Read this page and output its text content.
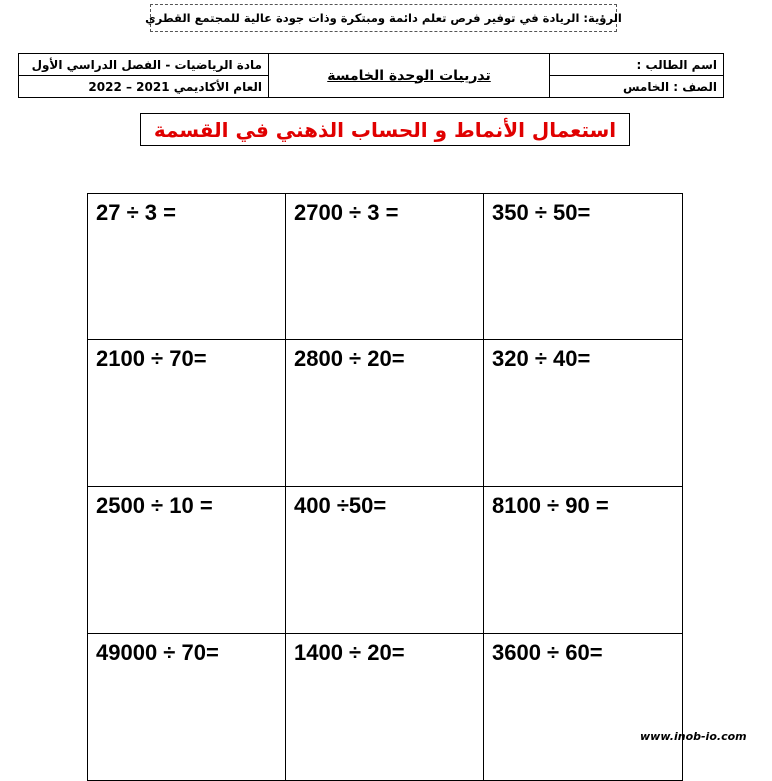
الرؤية: الريادة في توفير فرص تعلم دائمة ومبتكرة وذات جودة عالية للمجتمع القطري
مادة الرياضيات - الفصل الدراسي الأول	تدريبات الوحدة الخامسة	اسم الطالب :
العام الأكاديمي 2021 – 2022		الصف : الخامس
استعمال الأنماط و الحساب الذهني في القسمة
27 ÷ 3 =	2700 ÷ 3 =	350 ÷ 50=
2100 ÷ 70=	2800 ÷ 20=	320 ÷ 40=
2500 ÷ 10 =	400 ÷50=	8100 ÷ 90 =
49000 ÷ 70=	1400 ÷ 20=	3600 ÷ 60=
www.inob-io.com
